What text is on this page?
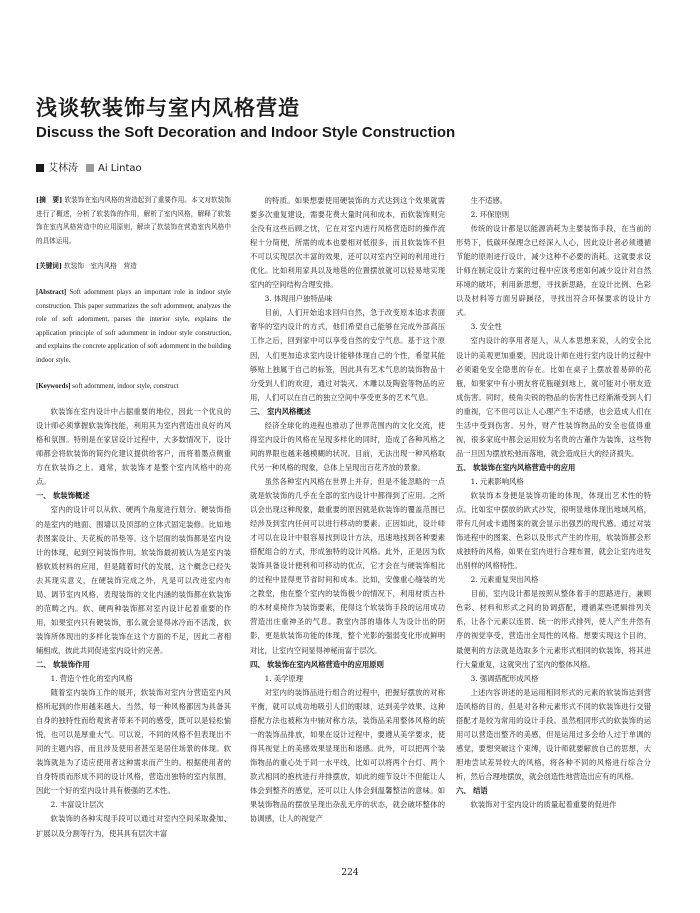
浅谈软装饰与室内风格营造
Discuss the Soft Decoration and Indoor Style Construction
艾林涛 Ai Lintao
[摘　要] 软装饰在室内风格的营造起到了重要作用。本文对软装饰进行了概述，分析了软装饰的作用，解析了室内风格，解释了软装饰在室内风格营造中的应用原则，解读了软装饰在营造室内风格中的具体运用。
[关键词] 软装饰　室内风格　营造
[Abstract] Soft adornment plays an important role in indoor style construction. This paper summarizes the soft adornment, analyzes the role of soft adornment, parses the interior style, explains the application principle of soft adornment in indoor style construction, and explains the concrete application of soft adornment in the building indoor style.
[Keywords] soft adornment, indoor style, construct

软装饰在室内设计中占据重要的地位，因此一个优良的设计师必须掌握软装饰技能，利用其为室内营造出良好的风格和氛围。特别是在家居设计过程中，大多数情况下，设计师都会将软装饰的简约化建议提供给客户，而将着墨点侧重方在软装饰之上。通常，软装饰才是整个室内风格中的亮点。

一、 软装饰概述

室内的设计可以从软、硬两个角度进行划分。硬装饰指的是室内的地面、围墙以及顶部的立体式固定装修。比如地表图案设计、天花板的吊垫等。这个层面的装饰都是室内设计的体现，起到空间装饰作用。软装饰最初被认为是室内装修软质材料的应用，但是随着时代的发展，这个概念已经失去其现实意义，在硬装饰完成之外，凡是可以改进室内布局、调节室内风格、表现装饰的文化内涵的装饰都在软装饰的范畴之内。软、硬两种装饰都对室内设计起着重要的作用，如果室内只有硬装饰，那么就会显得冰冷而不活泼，软装饰所体现出的多样化装饰在这个方面的不足，因此二者相辅相成，彼此共同促进室内设计的完善。

二、 软装饰作用

1. 营造个性化的室内风格

随着室内装饰工作的展开，软装饰对室内分营造室内风格所起到的作用越来越大。当然，每一种风格都因为具备其自身的独特性而给观赏者带来不同的感受，既可以是轻松愉悦，也可以是厚重大气。可以说，不同的风格不但表现出不同的主题内容，而且涉及使用者甚至是居住场景的体现。软装饰就是为了适应使用者这种需求而产生的。根据使用者的自身特质而形成不同的设计风格，营造出独特的室内氛围，因此一个好的室内设计具有极强的艺术性。

2. 丰富设计层次

软装饰的各种实现手段可以通过对室内空间采取叠加、扩展以及分割等行为，使其具有层次丰富

的特质。如果想要使用硬装饰的方式达到这个效果就需要多次重复建设，需要花费大量时间和成本，而软装饰则完全没有这些后顾之忧，它在对室内进行风格营造时的操作流程十分简便，所需的成本也要相对低很多，而且软装饰不但不可以实现层次丰富的效果，还可以对室内空间的利用进行优化。比如利用家具以及地毯的位置摆放就可以轻易地实现室内的空间结构合理安排。

3. 体现用户独特品味

目前，人们开始追求回归自然，急于改变原本追求表面奢华的室内设计的方式，他们希望自己能够在完成外部高压工作之后，回到家中可以享受自然的安宁气息。基于这个原因，人们更加追求室内设计能够体现自己的个性，希望其能够贴上独属于自己的标签，因此具有艺术气息的装饰物品十分受到人们的欢迎，通过对装灭、木雕以及陶瓷等物品的应用，人们可以在自己的独立空间中享受更多的艺术气息。

三、 室内风格概述

经济全球化的进程也推动了世界范围内的文化交流，使得室内设计的风格在呈现多样化的同时，造成了各种风格之间的界限也越来越模糊的状况。目前，无法出现一种风格取代另一种风格的现象，总体上呈现出百花齐放的景象。

虽然各种室内风格在世界上并存，但是不能忽略的一点就是软装饰的几乎在全部的室内设计中都得到了应用。之所以会出现这种现象，最重要的原因就是软装饰的覆盖范围已经涉及到室内任何可以进行移动的要素。正因如此，设计师才可以在设计中很容易找到设计方法，迅速地找到各种要素搭配组合的方式，形成独特的设计风格。此外，正是因为软装饰具备设计便利和可移动的优点，它才会在与硬装饰相比的过程中显得更节省时间和成本。比如，安像重心缝装的光之教堂，他在整个室内的装饰极少的情况下，利用材质古朴的木材桌椅作为装饰要素，使得这个软装饰手段的运用成功营造出庄重神圣的气息。教堂内部的墙体人为设计出的阴影，更是软装饰功能的体现，整个光影的强弱变化形成鲜明对比，让室内空间显得神秘而富于层次。

四、 软装饰在室内风格营造中的应用原则

1. 美学原理

对室内的装饰品进行组合的过程中，把握好摆放的对称平衡，就可以成功地吸引人们的眼球，达到美学效果。这种搭配方法也被称为中轴对称方法，装饰品采用整体风格的统一的装饰品排放，如果在设计过程中，要遵从美学要求，使得其视觉上的美感效果显现出和谐感。此外，可以把两个装饰物品的重心处于同一水平线，比如可以将两个台灯、两个款式相同的抱枕进行并排摆放，如此的细节设计不但能让人体会到整齐的感觉，还可以让人体会到温馨整洁的意味。如果装饰物品的摆放呈现出杂乱无序的状态，就会破坏整体的协调感，让人的视觉产

生不适感。

2. 环保原则

传统的设计都是以能源消耗为主要装饰手段，在当前的形势下，低碳环保理念已经深入人心，因此设计者必须遵循节能的原则进行设计，减少这种不必要的消耗。这就要求设计师在制定设计方案的过程中应该考虑如何减少设计对自然环境的破坏，利用新思想，寻找新思路，在设计比例、色彩以及材料等方面另辟蹊径，寻找出符合环保要求的设计方式。

3. 安全性

室内设计的享用者是人，从人本思想来说，人的安全比设计的美观更加重要，因此设计师在进行室内设计的过程中必须避免安全隐患的存在。比如在桌子上摆放着易碎的花瓶，如果家中有小朋友将花瓶碰到地上，就可能对小朋友造成伤害。同时，棱角尖锐的物品的伤害性已经渐渐受到人们的重视，它不但可以让人心理产生不适感，也会造成人们在生活中受到伤害。另外，财产性装饰物品的安全也值得重视，很多家庭中都会运用较为名贵的古董作为装饰，这些物品一旦因为摆放松弛而落地，就会造成巨大的经济损失。

五、 软装饰在室内风格营造中的应用

1. 元素影响风格

软装饰本身便是装饰功能的体现，体现出艺术性的特点。比如室中摆放的欧式沙发，很明显地体现出地域风格，带有几何或卡通图案的就会显示出强烈的现代感。通过对装饰进程中的图案、色彩以及形式产生的作用，软装饰都会形成独特的风格，如果在室内进行合理布置，就会让室内进发出别样的风格特性。

2. 元素重复突出风格

目前，室内设计都是按照从整体着手的思路进行，兼顾色彩、材料和形式之间的协调搭配，遵循某些逻辑排列关系，让各个元素以连贯、统一的形式排列，使人产生井然有序的视觉享受，营造出全局性的风格。想要实现这个目的，最便利的方法就是选取多个元素形式相同的软装饰，将其进行大量重复，这就突出了室内的整体风格。

3. 强调搭配形成风格

上述内容讲述的是运用相同形式的元素的软装饰达到营造风格的目的，但是对各种元素形式不同的软装饰进行交错搭配才是较为常用的设计手段。虽然相同形式的软装饰的运用可以营造出整齐的美感，但是运用过多会给人过于单调的感觉，要想突破这个束缚，设计师就要解放自己的思想，大胆地尝试差异较大的风格，将各种不同的风格进行综合分析，然后合理地摆放，就会创造性地营造出应有的风格。

六、 结语

软装饰对于室内设计的质量起着重要的促进作

224
